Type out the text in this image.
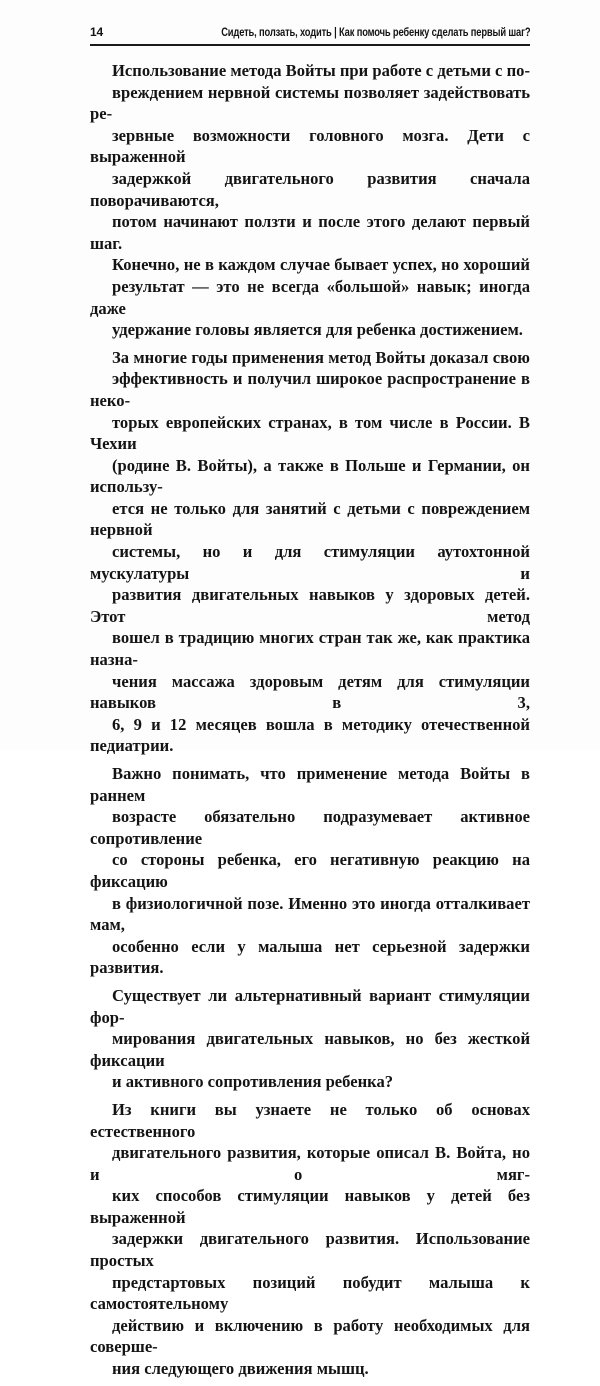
14	Сидеть, ползать, ходить | Как помочь ребенку сделать первый шаг?

Использование метода Войты при работе с детьми с по-
вреждением нервной системы позволяет задействовать ре-
зервные возможности головного мозга. Дети с выраженной
задержкой двигательного развития сначала поворачиваются,
потом начинают ползти и после этого делают первый шаг.
Конечно, не в каждом случае бывает успех, но хороший
результат — это не всегда «большой» навык; иногда даже
удержание головы является для ребенка достижением.

За многие годы применения метод Войты доказал свою
эффективность и получил широкое распространение в неко-
торых европейских странах, в том числе в России. В Чехии
(родине В. Войты), а также в Польше и Германии, он использу-
ется не только для занятий с детьми с повреждением нервной
системы, но и для стимуляции аутохтонной мускулатуры и
развития двигательных навыков у здоровых детей. Этот метод
вошел в традицию многих стран так же, как практика назна-
чения массажа здоровым детям для стимуляции навыков в 3,
6, 9 и 12 месяцев вошла в методику отечественной педиатрии.

Важно понимать, что применение метода Войты в раннем
возрасте обязательно подразумевает активное сопротивление
со стороны ребенка, его негативную реакцию на фиксацию
в физиологичной позе. Именно это иногда отталкивает мам,
особенно если у малыша нет серьезной задержки развития.

Существует ли альтернативный вариант стимуляции фор-
мирования двигательных навыков, но без жесткой фиксации
и активного сопротивления ребенка?

Из книги вы узнаете не только об основах естественного
двигательного развития, которые описал В. Войта, но и о мяг-
ких способов стимуляции навыков у детей без выраженной
задержки двигательного развития. Использование простых
предстартовых позиций побудит малыша к самостоятельному
действию и включению в работу необходимых для соверше-
ния следующего движения мышц.
